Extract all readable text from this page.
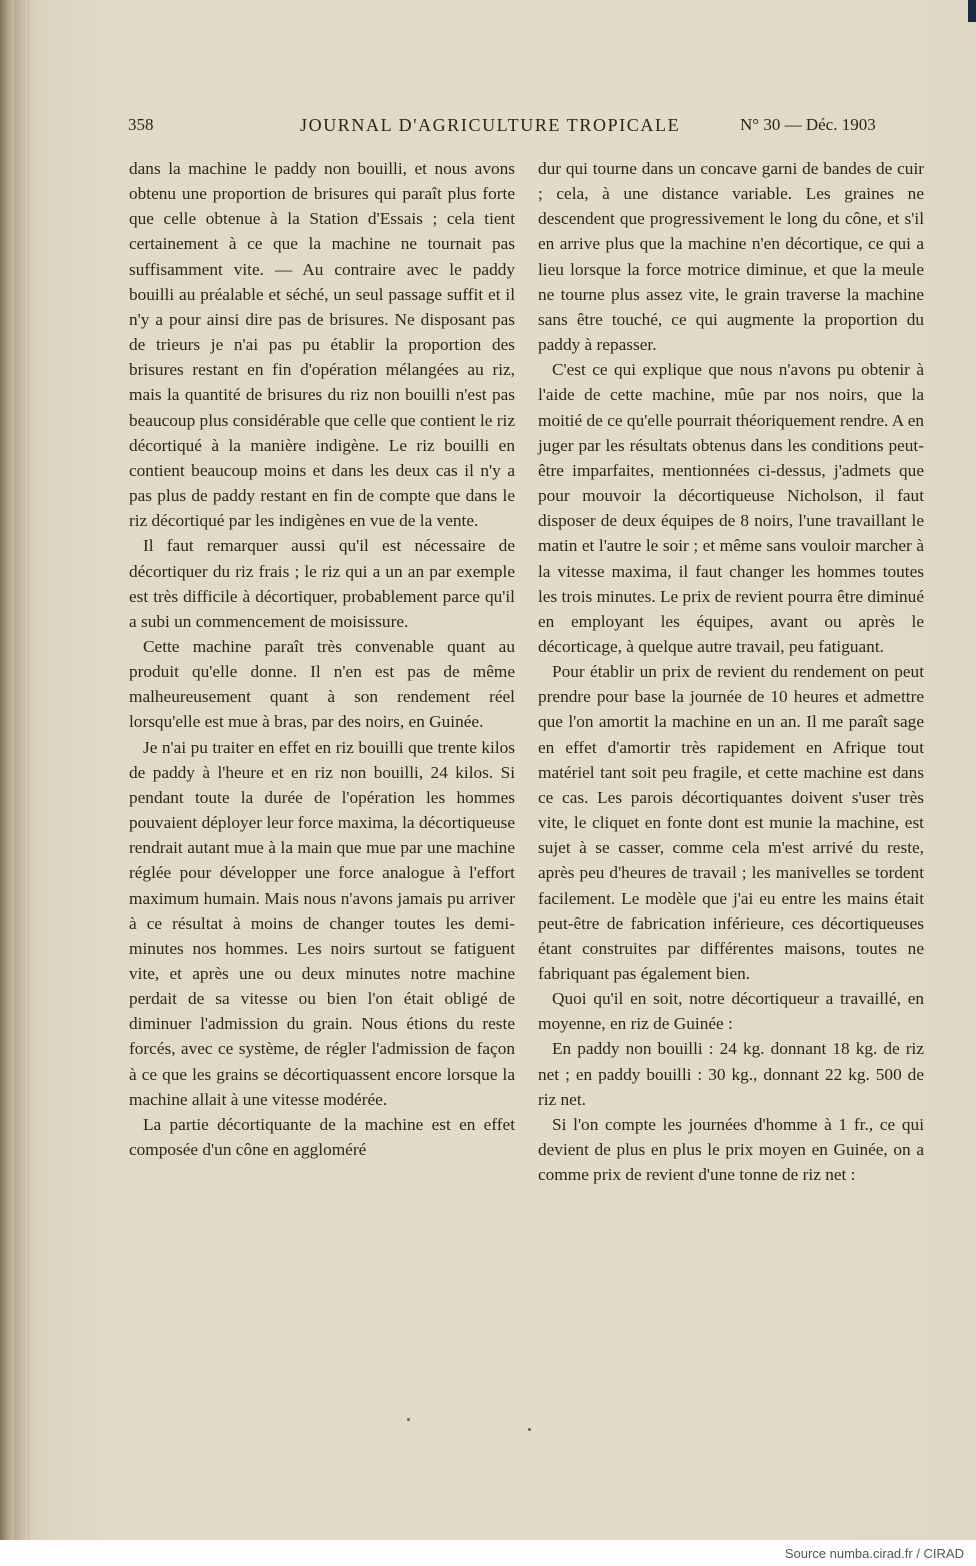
358	JOURNAL D'AGRICULTURE TROPICALE	N° 30 — Déc. 1903

dans la machine le paddy non bouilli, et nous avons obtenu une proportion de brisures qui paraît plus forte que celle obtenue à la Station d'Essais ; cela tient certainement à ce que la machine ne tournait pas suffisamment vite. — Au contraire avec le paddy bouilli au préalable et séché, un seul passage suffit et il n'y a pour ainsi dire pas de brisures. Ne disposant pas de trieurs je n'ai pas pu établir la proportion des brisures restant en fin d'opération mélangées au riz, mais la quantité de brisures du riz non bouilli n'est pas beaucoup plus considérable que celle que contient le riz décortiqué à la manière indigène. Le riz bouilli en contient beaucoup moins et dans les deux cas il n'y a pas plus de paddy restant en fin de compte que dans le riz décortiqué par les indigènes en vue de la vente.

Il faut remarquer aussi qu'il est nécessaire de décortiquer du riz frais ; le riz qui a un an par exemple est très difficile à décortiquer, probablement parce qu'il a subi un commencement de moisissure.

Cette machine paraît très convenable quant au produit qu'elle donne. Il n'en est pas de même malheureusement quant à son rendement réel lorsqu'elle est mue à bras, par des noirs, en Guinée.

Je n'ai pu traiter en effet en riz bouilli que trente kilos de paddy à l'heure et en riz non bouilli, 24 kilos. Si pendant toute la durée de l'opération les hommes pouvaient déployer leur force maxima, la décortiqueuse rendrait autant mue à la main que mue par une machine réglée pour développer une force analogue à l'effort maximum humain. Mais nous n'avons jamais pu arriver à ce résultat à moins de changer toutes les demi-minutes nos hommes. Les noirs surtout se fatiguent vite, et après une ou deux minutes notre machine perdait de sa vitesse ou bien l'on était obligé de diminuer l'admission du grain. Nous étions du reste forcés, avec ce système, de régler l'admission de façon à ce que les grains se décortiquassent encore lorsque la machine allait à une vitesse modérée.

La partie décortiquante de la machine est en effet composée d'un cône en aggloméré

dur qui tourne dans un concave garni de bandes de cuir ; cela, à une distance variable. Les graines ne descendent que progressivement le long du cône, et s'il en arrive plus que la machine n'en décortique, ce qui a lieu lorsque la force motrice diminue, et que la meule ne tourne plus assez vite, le grain traverse la machine sans être touché, ce qui augmente la proportion du paddy à repasser.

C'est ce qui explique que nous n'avons pu obtenir à l'aide de cette machine, mûe par nos noirs, que la moitié de ce qu'elle pourrait théoriquement rendre. A en juger par les résultats obtenus dans les conditions peut-être imparfaites, mentionnées ci-dessus, j'admets que pour mouvoir la décortiqueuse Nicholson, il faut disposer de deux équipes de 8 noirs, l'une travaillant le matin et l'autre le soir ; et même sans vouloir marcher à la vitesse maxima, il faut changer les hommes toutes les trois minutes. Le prix de revient pourra être diminué en employant les équipes, avant ou après le décorticage, à quelque autre travail, peu fatiguant.

Pour établir un prix de revient du rendement on peut prendre pour base la journée de 10 heures et admettre que l'on amortit la machine en un an. Il me paraît sage en effet d'amortir très rapidement en Afrique tout matériel tant soit peu fragile, et cette machine est dans ce cas. Les parois décortiquantes doivent s'user très vite, le cliquet en fonte dont est munie la machine, est sujet à se casser, comme cela m'est arrivé du reste, après peu d'heures de travail ; les manivelles se tordent facilement. Le modèle que j'ai eu entre les mains était peut-être de fabrication inférieure, ces décortiqueuses étant construites par différentes maisons, toutes ne fabriquant pas également bien.

Quoi qu'il en soit, notre décortiqueur a travaillé, en moyenne, en riz de Guinée :

En paddy non bouilli : 24 kg. donnant 18 kg. de riz net ; en paddy bouilli : 30 kg., donnant 22 kg. 500 de riz net.

Si l'on compte les journées d'homme à 1 fr., ce qui devient de plus en plus le prix moyen en Guinée, on a comme prix de revient d'une tonne de riz net :

Source numba.cirad.fr / CIRAD
